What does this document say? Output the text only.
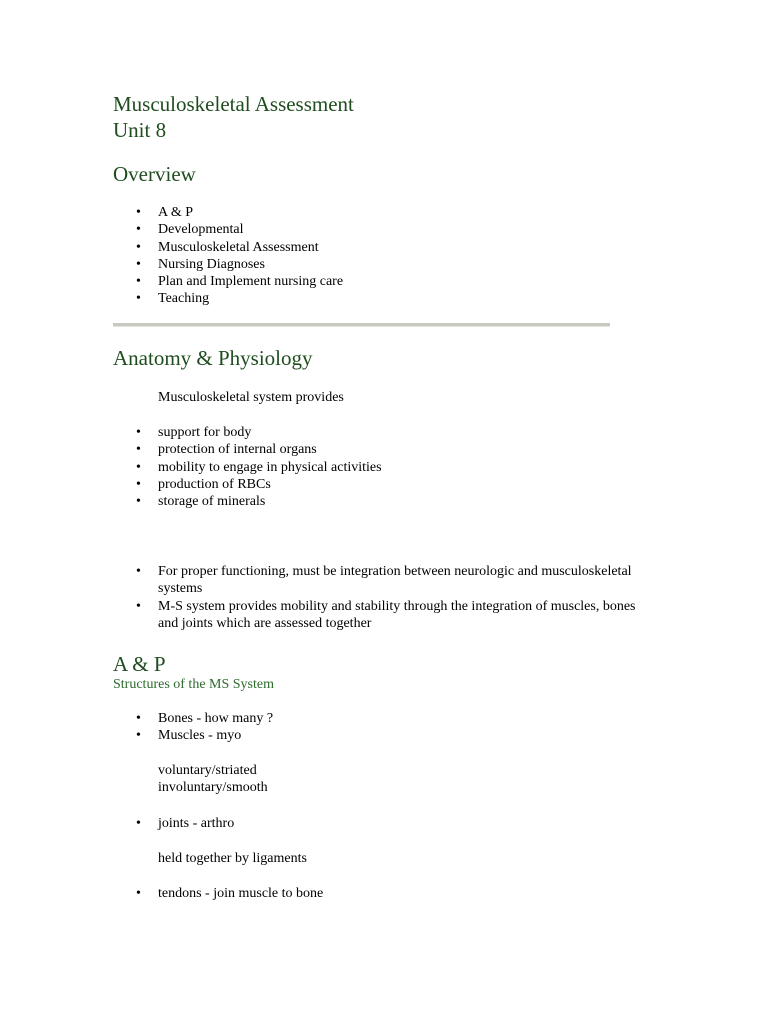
Musculoskeletal Assessment
Unit 8
Overview
• A & P
• Developmental
• Musculoskeletal Assessment
• Nursing Diagnoses
• Plan and Implement nursing care
• Teaching
Anatomy & Physiology

Musculoskeletal system provides

• support for body
• protection of internal organs
• mobility to engage in physical activities
• production of RBCs
• storage of minerals
• For proper functioning, must be integration between neurologic and musculoskeletal systems
• M-S system provides mobility and stability through the integration of muscles, bones and joints which are assessed together
A & P

Structures of the MS System

• Bones - how many ?
• Muscles - myo

voluntary/striated
involuntary/smooth

• joints - arthro

held together by ligaments

• tendons - join muscle to bone
